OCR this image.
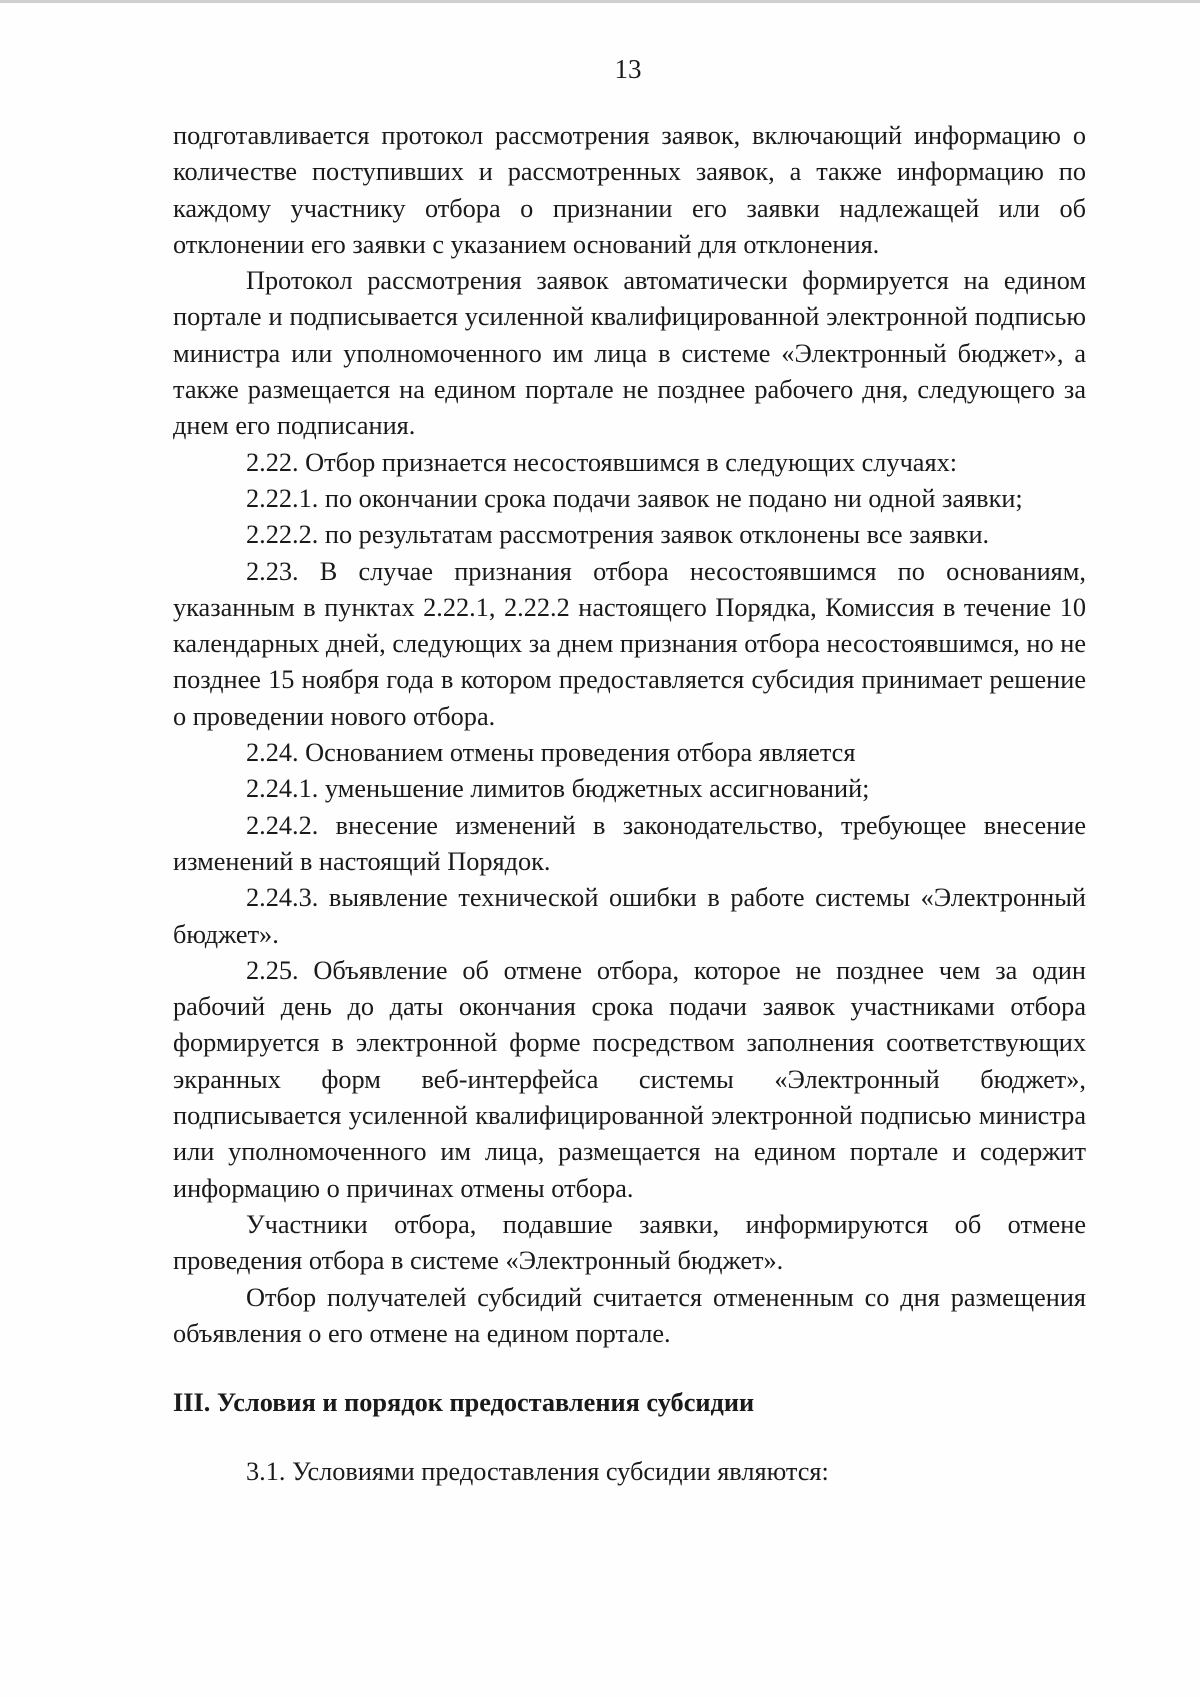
13

подготавливается протокол рассмотрения заявок, включающий информацию о количестве поступивших и рассмотренных заявок, а также информацию по каждому участнику отбора о признании его заявки надлежащей или об отклонении его заявки с указанием оснований для отклонения.

Протокол рассмотрения заявок автоматически формируется на едином портале и подписывается усиленной квалифицированной электронной подписью министра или уполномоченного им лица в системе «Электронный бюджет», а также размещается на едином портале не позднее рабочего дня, следующего за днем его подписания.

2.22. Отбор признается несостоявшимся в следующих случаях:

2.22.1. по окончании срока подачи заявок не подано ни одной заявки;

2.22.2. по результатам рассмотрения заявок отклонены все заявки.

2.23. В случае признания отбора несостоявшимся по основаниям, указанным в пунктах 2.22.1, 2.22.2 настоящего Порядка, Комиссия в течение 10 календарных дней, следующих за днем признания отбора несостоявшимся, но не позднее 15 ноября года в котором предоставляется субсидия принимает решение о проведении нового отбора.

2.24. Основанием отмены проведения отбора является

2.24.1. уменьшение лимитов бюджетных ассигнований;

2.24.2. внесение изменений в законодательство, требующее внесение изменений в настоящий Порядок.

2.24.3. выявление технической ошибки в работе системы «Электронный бюджет».

2.25. Объявление об отмене отбора, которое не позднее чем за один рабочий день до даты окончания срока подачи заявок участниками отбора формируется в электронной форме посредством заполнения соответствующих экранных форм веб-интерфейса системы «Электронный бюджет», подписывается усиленной квалифицированной электронной подписью министра или уполномоченного им лица, размещается на едином портале и содержит информацию о причинах отмены отбора.

Участники отбора, подавшие заявки, информируются об отмене проведения отбора в системе «Электронный бюджет».

Отбор получателей субсидий считается отмененным со дня размещения объявления о его отмене на едином портале.

III. Условия и порядок предоставления субсидии

3.1. Условиями предоставления субсидии являются:
